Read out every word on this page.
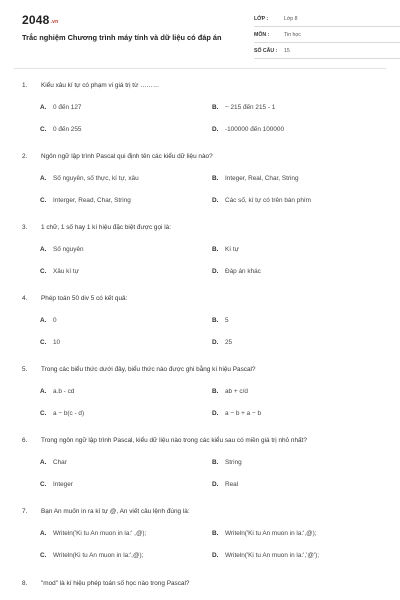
2048.vn
Trắc nghiệm Chương trình máy tính và dữ liệu có đáp án
LỚP :	Lớp 8
MÔN :	Tin học
SỐ CÂU : 15
1. Kiểu xâu kí tự có phạm vi giá trị từ ………
A. 0 đến 127	B. − 215 đến 215 - 1
C. 0 đến 255	D. -100000 đến 100000
2. Ngôn ngữ lập trình Pascal qui định tên các kiểu dữ liệu nào?
A. Số nguyên, số thực, kí tự, xâu	B. Integer, Real, Char, String
C. Interger, Read, Char, String	D. Các số, kí tự có trên bàn phím
3. 1 chữ, 1 số hay 1 kí hiệu đặc biệt được gọi là:
A. Số nguyên	B. Kí tự
C. Xâu kí tự	D. Đáp án khác
4. Phép toán 50 div 5 có kết quả:
A. 0	B. 5
C. 10	D. 25
5. Trong các biểu thức dưới đây, biểu thức nào được ghi bằng kí hiệu Pascal?
A. a.b - cd	B. ab + c/d
C. a − b(c - d)	D. a − b + a − b
6. Trong ngôn ngữ lập trình Pascal, kiểu dữ liệu nào trong các kiểu sau có miền giá trị nhỏ nhất?
A. Char	B. String
C. Integer	D. Real
7. Bạn An muốn in ra kí tự @, An viết câu lệnh đúng là:
A. Writeln('Ki tu An muon in la:' ,@);	B. Writeln('Ki tu An muon in la:',@);
C. Writeln(Ki tu An muon in la:',@);	D. Writeln('Ki tu An muon in la:','@');
8. "mod" là kí hiệu phép toán số học nào trong Pascal?
